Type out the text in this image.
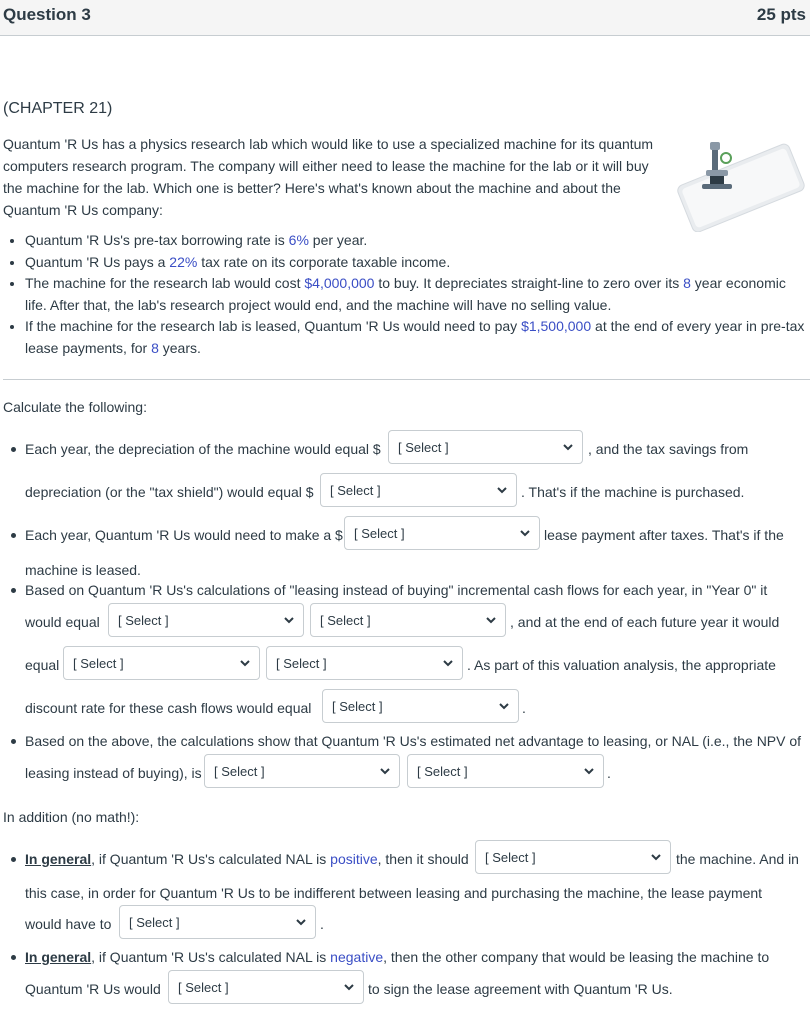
Question 3	25 pts
(CHAPTER 21)
Quantum 'R Us has a physics research lab which would like to use a specialized machine for its quantum computers research program. The company will either need to lease the machine for the lab or it will buy the machine for the lab. Which one is better? Here's what's known about the machine and about the Quantum 'R Us company:
• Quantum 'R Us's pre-tax borrowing rate is 6% per year.
• Quantum 'R Us pays a 22% tax rate on its corporate taxable income.
• The machine for the research lab would cost $4,000,000 to buy. It depreciates straight-line to zero over its 8 year economic life. After that, the lab's research project would end, and the machine will have no selling value.
• If the machine for the research lab is leased, Quantum 'R Us would need to pay $1,500,000 at the end of every year in pre-tax lease payments, for 8 years.
Calculate the following:
Each year, the depreciation of the machine would equal $ [ Select ]	, and the tax savings from
depreciation (or the "tax shield") would equal $ [ Select ]	. That's if the machine is purchased.
Each year, Quantum 'R Us would need to make a $ [ Select ]	lease payment after taxes. That's if the
machine is leased.
Based on Quantum 'R Us's calculations of "leasing instead of buying" incremental cash flows for each year, in "Year 0" it
would equal [ Select ]	[ Select ]	, and at the end of each future year it would
equal [ Select ]	[ Select ]	. As part of this valuation analysis, the appropriate
discount rate for these cash flows would equal [ Select ]	.
Based on the above, the calculations show that Quantum 'R Us's estimated net advantage to leasing, or NAL (i.e., the NPV of
leasing instead of buying), is [ Select ]	[ Select ]	.
In addition (no math!):
In general, if Quantum 'R Us's calculated NAL is positive, then it should [ Select ]	the machine. And in
this case, in order for Quantum 'R Us to be indifferent between leasing and purchasing the machine, the lease payment
would have to [ Select ]	.
In general, if Quantum 'R Us's calculated NAL is negative, then the other company that would be leasing the machine to
Quantum 'R Us would [ Select ]	to sign the lease agreement with Quantum 'R Us.
